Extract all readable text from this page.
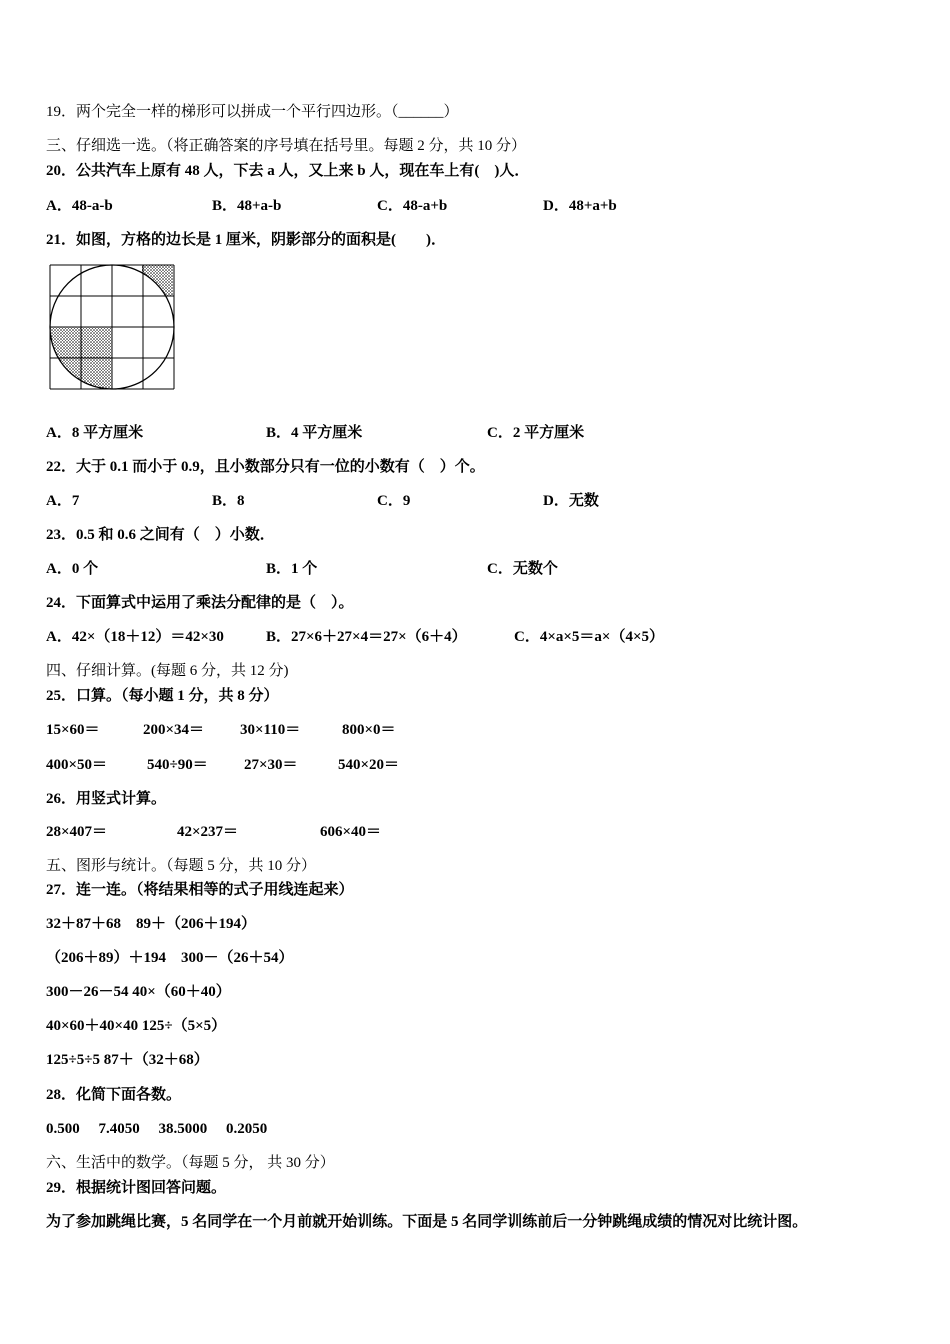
19．两个完全一样的梯形可以拼成一个平行四边形。（______）
三、仔细选一选。（将正确答案的序号填在括号里。每题 2 分，共 10 分）
20．公共汽车上原有 48 人，下去 a 人，又上来 b 人，现在车上有(　)人．
A．48-a-b	B．48+a-b	C．48-a+b	D．48+a+b
21．如图，方格的边长是 1 厘米，阴影部分的面积是(　　)．
A．8 平方厘米	B．4 平方厘米	C．2 平方厘米
22．大于 0.1 而小于 0.9，且小数部分只有一位的小数有（　）个。
A．7	B．8	C．9	D．无数
23．0.5 和 0.6 之间有（　）小数．
A．0 个	B．1 个	C．无数个
24．下面算式中运用了乘法分配律的是（　）。
A．42×（18＋12）＝42×30	B．27×6＋27×4＝27×（6＋4）	C．4×a×5＝a×（4×5）
四、仔细计算。(每题 6 分，共 12 分)
25．口算。（每小题 1 分，共 8 分）
15×60＝	200×34＝ 30×110＝	800×0＝
400×50＝	540÷90＝ 27×30＝	540×20＝
26．用竖式计算。
28×407＝	42×237＝	606×40＝
五、图形与统计。（每题 5 分，共 10 分）
27．连一连。（将结果相等的式子用线连起来）
32＋87＋68　89＋（206＋194）
（206＋89）＋194　300－（26＋54）
300－26－54 40×（60＋40）
40×60＋40×40 125÷（5×5）
125÷5÷5 87＋（32＋68）
28．化简下面各数。
0.500　 7.4050　 38.5000　 0.2050
六、生活中的数学。（每题 5 分， 共 30 分）
29．根据统计图回答问题。
为了参加跳绳比赛，5 名同学在一个月前就开始训练。下面是 5 名同学训练前后一分钟跳绳成绩的情况对比统计图。
